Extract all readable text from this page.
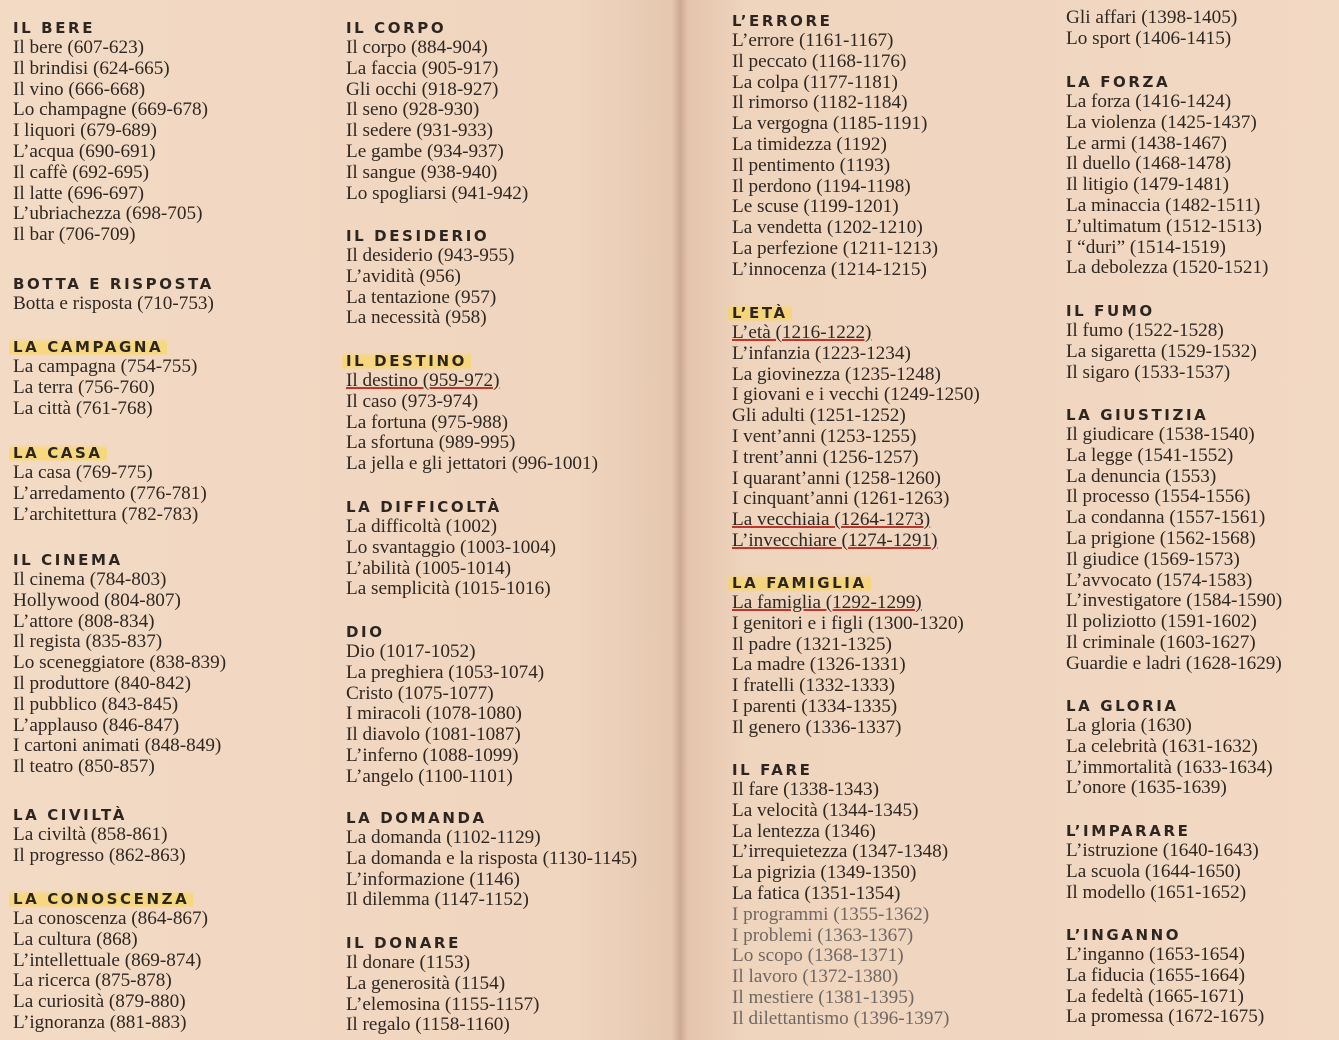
IL BERE
Il bere (607-623)
Il brindisi (624-665)
Il vino (666-668)
Lo champagne (669-678)
I liquori (679-689)
L’acqua (690-691)
Il caffè (692-695)
Il latte (696-697)
L’ubriachezza (698-705)
Il bar (706-709)
BOTTA E RISPOSTA
Botta e risposta (710-753)
LA CAMPAGNA
La campagna (754-755)
La terra (756-760)
La città (761-768)
LA CASA
La casa (769-775)
L’arredamento (776-781)
L’architettura (782-783)
IL CINEMA
Il cinema (784-803)
Hollywood (804-807)
L’attore (808-834)
Il regista (835-837)
Lo sceneggiatore (838-839)
Il produttore (840-842)
Il pubblico (843-845)
L’applauso (846-847)
I cartoni animati (848-849)
Il teatro (850-857)
LA CIVILTÀ
La civiltà (858-861)
Il progresso (862-863)
LA CONOSCENZA
La conoscenza (864-867)
La cultura (868)
L’intellettuale (869-874)
La ricerca (875-878)
La curiosità (879-880)
L’ignoranza (881-883)
IL CORPO
Il corpo (884-904)
La faccia (905-917)
Gli occhi (918-927)
Il seno (928-930)
Il sedere (931-933)
Le gambe (934-937)
Il sangue (938-940)
Lo spogliarsi (941-942)
IL DESIDERIO
Il desiderio (943-955)
L’avidità (956)
La tentazione (957)
La necessità (958)
IL DESTINO
Il destino (959-972)
Il caso (973-974)
La fortuna (975-988)
La sfortuna (989-995)
La jella e gli jettatori (996-1001)
LA DIFFICOLTÀ
La difficoltà (1002)
Lo svantaggio (1003-1004)
L’abilità (1005-1014)
La semplicità (1015-1016)
DIO
Dio (1017-1052)
La preghiera (1053-1074)
Cristo (1075-1077)
I miracoli (1078-1080)
Il diavolo (1081-1087)
L’inferno (1088-1099)
L’angelo (1100-1101)
LA DOMANDA
La domanda (1102-1129)
La domanda e la risposta (1130-1145)
L’informazione (1146)
Il dilemma (1147-1152)
IL DONARE
Il donare (1153)
La generosità (1154)
L’elemosina (1155-1157)
Il regalo (1158-1160)
L’ERRORE
L’errore (1161-1167)
Il peccato (1168-1176)
La colpa (1177-1181)
Il rimorso (1182-1184)
La vergogna (1185-1191)
La timidezza (1192)
Il pentimento (1193)
Il perdono (1194-1198)
Le scuse (1199-1201)
La vendetta (1202-1210)
La perfezione (1211-1213)
L’innocenza (1214-1215)
L’ETÀ
L’età (1216-1222)
L’infanzia (1223-1234)
La giovinezza (1235-1248)
I giovani e i vecchi (1249-1250)
Gli adulti (1251-1252)
I vent’anni (1253-1255)
I trent’anni (1256-1257)
I quarant’anni (1258-1260)
I cinquant’anni (1261-1263)
La vecchiaia (1264-1273)
L’invecchiare (1274-1291)
LA FAMIGLIA
La famiglia (1292-1299)
I genitori e i figli (1300-1320)
Il padre (1321-1325)
La madre (1326-1331)
I fratelli (1332-1333)
I parenti (1334-1335)
Il genero (1336-1337)
IL FARE
Il fare (1338-1343)
La velocità (1344-1345)
La lentezza (1346)
L’irrequietezza (1347-1348)
La pigrizia (1349-1350)
La fatica (1351-1354)
I programmi (1355-1362)
I problemi (1363-1367)
Lo scopo (1368-1371)
Il lavoro (1372-1380)
Il mestiere (1381-1395)
Il dilettantismo (1396-1397)
Gli affari (1398-1405)
Lo sport (1406-1415)
LA FORZA
La forza (1416-1424)
La violenza (1425-1437)
Le armi (1438-1467)
Il duello (1468-1478)
Il litigio (1479-1481)
La minaccia (1482-1511)
L’ultimatum (1512-1513)
I “duri” (1514-1519)
La debolezza (1520-1521)
IL FUMO
Il fumo (1522-1528)
La sigaretta (1529-1532)
Il sigaro (1533-1537)
LA GIUSTIZIA
Il giudicare (1538-1540)
La legge (1541-1552)
La denuncia (1553)
Il processo (1554-1556)
La condanna (1557-1561)
La prigione (1562-1568)
Il giudice (1569-1573)
L’avvocato (1574-1583)
L’investigatore (1584-1590)
Il poliziotto (1591-1602)
Il criminale (1603-1627)
Guardie e ladri (1628-1629)
LA GLORIA
La gloria (1630)
La celebrità (1631-1632)
L’immortalità (1633-1634)
L’onore (1635-1639)
L’IMPARARE
L’istruzione (1640-1643)
La scuola (1644-1650)
Il modello (1651-1652)
L’INGANNO
L’inganno (1653-1654)
La fiducia (1655-1664)
La fedeltà (1665-1671)
La promessa (1672-1675)
